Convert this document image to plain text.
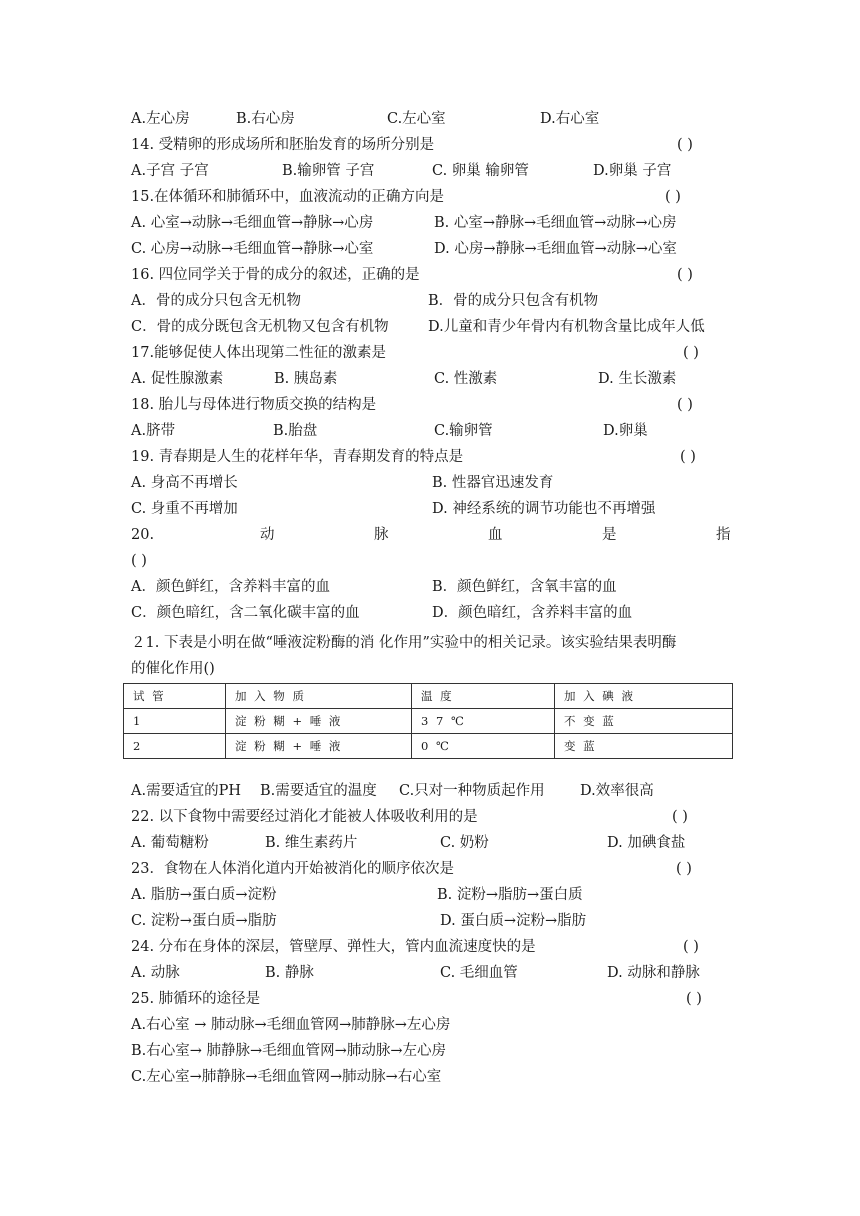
A.左心房	B.右心房	C.左心室	D.右心室
14. 受精卵的形成场所和胚胎发育的场所分别是	( )
A.子宫 子宫	B.输卵管 子宫	C. 卵巢 输卵管	D.卵巢 子宫
15.在体循环和肺循环中，血液流动的正确方向是	( )
A. 心室→动脉→毛细血管→静脉→心房	B. 心室→静脉→毛细血管→动脉→心房
C. 心房→动脉→毛细血管→静脉→心室	D. 心房→静脉→毛细血管→动脉→心室
16. 四位同学关于骨的成分的叙述，正确的是	( )
A．骨的成分只包含无机物	B．骨的成分只包含有机物
C．骨的成分既包含无机物又包含有机物	D.儿童和青少年骨内有机物含量比成年人低
17.能够促使人体出现第二性征的激素是	( )
A. 促性腺激素	B. 胰岛素	C. 性激素	D. 生长激素
18. 胎儿与母体进行物质交换的结构是	( )
A.脐带	B.胎盘	C.输卵管	D.卵巢
19. 青春期是人生的花样年华，青春期发育的特点是	( )
A. 身高不再增长	B. 性器官迅速发育
C. 身重不再增加	D. 神经系统的调节功能也不再增强
20.	动	脉	血	是	指
( )
A．颜色鲜红，含养料丰富的血	B．颜色鲜红，含氧丰富的血
C．颜色暗红，含二氧化碳丰富的血	D．颜色暗红，含养料丰富的血
２1. 下表是小明在做“唾液淀粉酶的消 化作用”实验中的相关记录。该实验结果表明酶
的催化作用()
试 管	加 入 物 质	温 度	加 入 碘 液
1	淀 粉 糊 + 唾 液	3 7 ℃	不 变 蓝
2	淀 粉 糊 + 唾 液	0 ℃	变 蓝
A.需要适宜的PH B.需要适宜的温度 C.只对一种物质起作用 D.效率很高
22. 以下食物中需要经过消化才能被人体吸收利用的是	( )
A. 葡萄糖粉	B. 维生素药片	C. 奶粉	D. 加碘食盐
23．食物在人体消化道内开始被消化的顺序依次是	( )
A. 脂肪→蛋白质→淀粉	B. 淀粉→脂肪→蛋白质
C. 淀粉→蛋白质→脂肪	D. 蛋白质→淀粉→脂肪
24. 分布在身体的深层，管壁厚、弹性大，管内血流速度快的是	( )
A. 动脉	B. 静脉	C. 毛细血管	D. 动脉和静脉
25. 肺循环的途径是	( )
A.右心室 → 肺动脉→毛细血管网→肺静脉→左心房
B.右心室→ 肺静脉→毛细血管网→肺动脉→左心房
C.左心室→肺静脉→毛细血管网→肺动脉→右心室
